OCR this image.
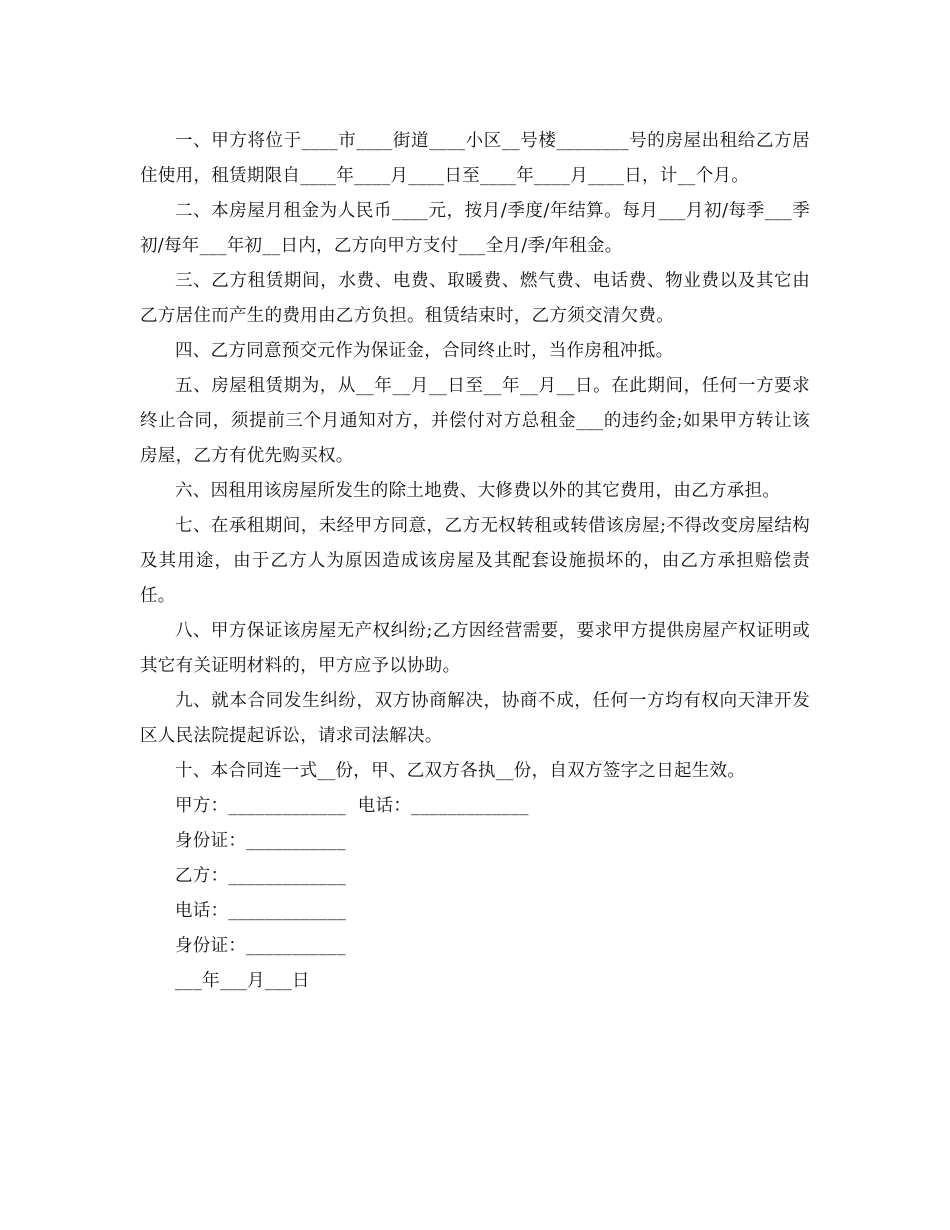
一、甲方将位于____市____街道____小区__号楼________号的房屋出租给乙方居住使用，租赁期限自____年____月____日至____年____月____日，计__个月。

二、本房屋月租金为人民币____元，按月/季度/年结算。每月___月初/每季___季初/每年___年初__日内，乙方向甲方支付___全月/季/年租金。

三、乙方租赁期间，水费、电费、取暖费、燃气费、电话费、物业费以及其它由乙方居住而产生的费用由乙方负担。租赁结束时，乙方须交清欠费。

四、乙方同意预交元作为保证金，合同终止时，当作房租冲抵。

五、房屋租赁期为，从__年__月__日至__年__月__日。在此期间，任何一方要求终止合同，须提前三个月通知对方，并偿付对方总租金___的违约金;如果甲方转让该房屋，乙方有优先购买权。

六、因租用该房屋所发生的除土地费、大修费以外的其它费用，由乙方承担。

七、在承租期间，未经甲方同意，乙方无权转租或转借该房屋;不得改变房屋结构及其用途，由于乙方人为原因造成该房屋及其配套设施损坏的，由乙方承担赔偿责任。

八、甲方保证该房屋无产权纠纷;乙方因经营需要，要求甲方提供房屋产权证明或其它有关证明材料的，甲方应予以协助。

九、就本合同发生纠纷，双方协商解决，协商不成，任何一方均有权向天津开发区人民法院提起诉讼，请求司法解决。

十、本合同连一式__份，甲、乙双方各执__份，自双方签字之日起生效。

甲方：_____________  电话：_____________

身份证：___________

乙方：_____________

电话：_____________

身份证：___________

___年___月___日
